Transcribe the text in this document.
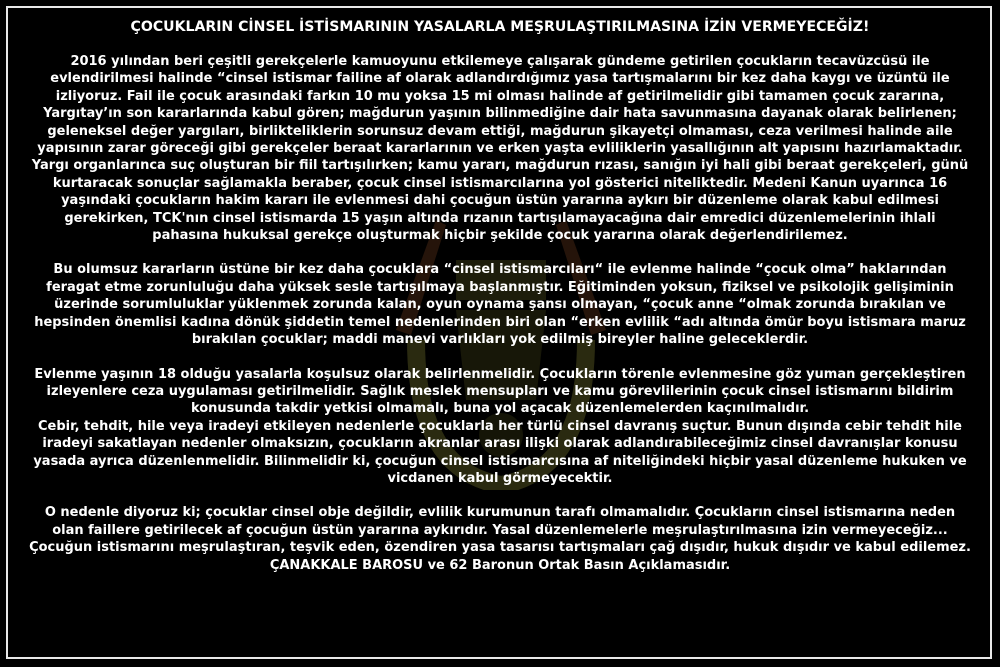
ÇOCUKLARIN CİNSEL İSTİSMARININ YASALARLA MEŞRULAŞTIRILMASINA İZİN VERMEYECEĞİZ!
2016 yılından beri çeşitli gerekçelerle kamuoyunu etkilemeye çalışarak gündeme getirilen çocukların tecavüzcüsü ile
evlendirilmesi halinde “cinsel istismar failine af olarak adlandırdığımız yasa tartışmalarını bir kez daha kaygı ve üzüntü ile
izliyoruz. Fail ile çocuk arasındaki farkın 10 mu yoksa 15 mi olması halinde af getirilmelidir gibi tamamen çocuk zararına,
Yargıtay’ın son kararlarında kabul gören; mağdurun yaşının bilinmediğine dair hata savunmasına dayanak olarak belirlenen;
geleneksel değer yargıları, birlikteliklerin sorunsuz devam ettiği, mağdurun şikayetçi olmaması, ceza verilmesi halinde aile
yapısının zarar göreceği gibi gerekçeler beraat kararlarının ve erken yaşta evliliklerin yasallığının alt yapısını hazırlamaktadır.
Yargı organlarınca suç oluşturan bir fiil tartışılırken; kamu yararı, mağdurun rızası, sanığın iyi hali gibi beraat gerekçeleri, günü
kurtaracak sonuçlar sağlamakla beraber, çocuk cinsel istismarcılarına yol gösterici niteliktedir. Medeni Kanun uyarınca 16
yaşındaki çocukların hakim kararı ile evlenmesi dahi çocuğun üstün yararına aykırı bir düzenleme olarak kabul edilmesi
gerekirken, TCK'nın cinsel istismarda 15 yaşın altında rızanın tartışılamayacağına dair emredici düzenlemelerinin ihlali
pahasına hukuksal gerekçe oluşturmak hiçbir şekilde çocuk yararına olarak değerlendirilemez.
Bu olumsuz kararların üstüne bir kez daha çocuklara “cinsel istismarcıları“ ile evlenme halinde “çocuk olma” haklarından
feragat etme zorunluluğu daha yüksek sesle tartışılmaya başlanmıştır. Eğitiminden yoksun, fiziksel ve psikolojik gelişiminin
üzerinde sorumluluklar yüklenmek zorunda kalan, oyun oynama şansı olmayan, “çocuk anne “olmak zorunda bırakılan ve
hepsinden önemlisi kadına dönük şiddetin temel nedenlerinden biri olan “erken evlilik “adı altında ömür boyu istismara maruz
bırakılan çocuklar; maddi manevi varlıkları yok edilmiş bireyler haline geleceklerdir.
Evlenme yaşının 18 olduğu yasalarla koşulsuz olarak belirlenmelidir. Çocukların törenle evlenmesine göz yuman gerçekleştiren
izleyenlere ceza uygulaması getirilmelidir. Sağlık meslek mensupları ve kamu görevlilerinin çocuk cinsel istismarını bildirim
konusunda takdir yetkisi olmamalı, buna yol açacak düzenlemelerden kaçınılmalıdır.
Cebir, tehdit, hile veya iradeyi etkileyen nedenlerle çocuklarla her türlü cinsel davranış suçtur. Bunun dışında cebir tehdit hile
iradeyi sakatlayan nedenler olmaksızın, çocukların akranlar arası ilişki olarak adlandırabileceğimiz cinsel davranışlar konusu
yasada ayrıca düzenlenmelidir. Bilinmelidir ki, çocuğun cinsel istismarcısına af niteliğindeki hiçbir yasal düzenleme hukuken ve
vicdanen kabul görmeyecektir.
O nedenle diyoruz ki; çocuklar cinsel obje değildir, evlilik kurumunun tarafı olmamalıdır. Çocukların cinsel istismarına neden
olan faillere getirilecek af çocuğun üstün yararına aykırıdır. Yasal düzenlemelerle meşrulaştırılmasına izin vermeyeceğiz...
Çocuğun istismarını meşrulaştıran, teşvik eden, özendiren yasa tasarısı tartışmaları çağ dışıdır, hukuk dışıdır ve kabul edilemez.
ÇANAKKALE BAROSU ve 62 Baronun Ortak Basın Açıklamasıdır.
